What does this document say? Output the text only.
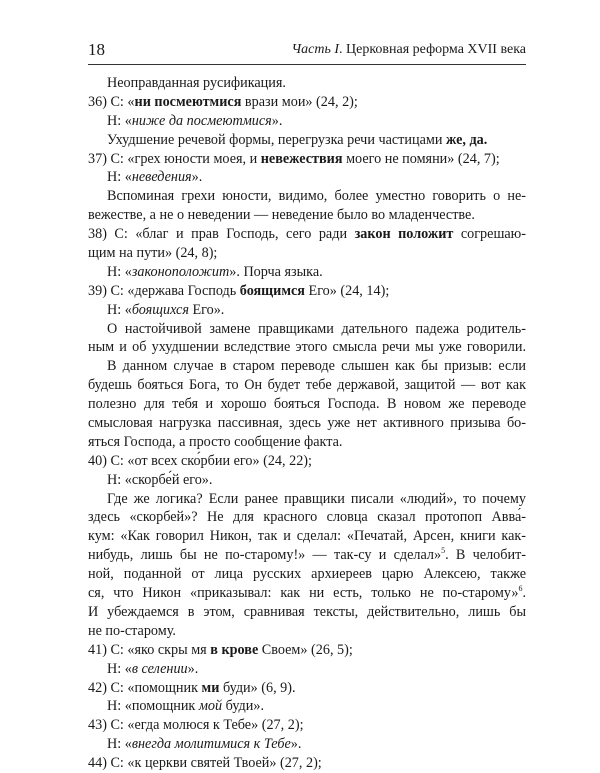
18	Часть I. Церковная реформа XVII века
Неоправданная русификация.
36) С: «ни посмеютмися врази мои» (24, 2);
Н: «ниже да посмеютмися».
Ухудшение речевой формы, перегрузка речи частицами же, да.
37) С: «грех юности моея, и невежествия моего не помяни» (24, 7);
Н: «неведения».
Вспоминая грехи юности, видимо, более уместно говорить о не-
вежестве, а не о неведении — неведение было во младенчестве.
38) С: «благ и прав Господь, сего ради закон положит согрешаю-
щим на пути» (24, 8);
Н: «законоположит». Порча языка.
39) С: «держава Господь боящимся Его» (24, 14);
Н: «боящихся Его».
О настойчивой замене правщиками дательного падежа родитель-
ным и об ухудшении вследствие этого смысла речи мы уже говорили.
В данном случае в старом переводе слышен как бы призыв: если
будешь бояться Бога, то Он будет тебе державой, защитой — вот как
полезно для тебя и хорошо бояться Господа. В новом же переводе
смысловая нагрузка пассивная, здесь уже нет активного призыва бо-
яться Господа, а просто сообщение факта.
40) С: «от всех ско́рбии его» (24, 22);
Н: «скорбе́й его».
Где же логика? Если ранее правщики писали «людий», то почему
здесь «скорбей»? Не для красного словца сказал протопоп Авва́-
кум: «Как говорил Никон, так и сделал: «Печатай, Арсен, книги как-
нибудь, лишь бы не по-старому!» — так-су и сделал»$^5$. В челобит-
ной, поданной от лица русских архиереев царю Алексею, также
ся, что Никон «приказывал: как ни есть, только не по-старому»$^6$.
И убеждаемся в этом, сравнивая тексты, действительно, лишь бы
не по-старому.
41) С: «яко скры мя в крове Своем» (26, 5);
Н: «в селении».
42) С: «помощник ми буди» (6, 9).
Н: «помощник мой буди».
43) С: «егда молюся к Тебе» (27, 2);
Н: «внегда молитимися к Тебе».
44) С: «к церкви святей Твоей» (27, 2);
